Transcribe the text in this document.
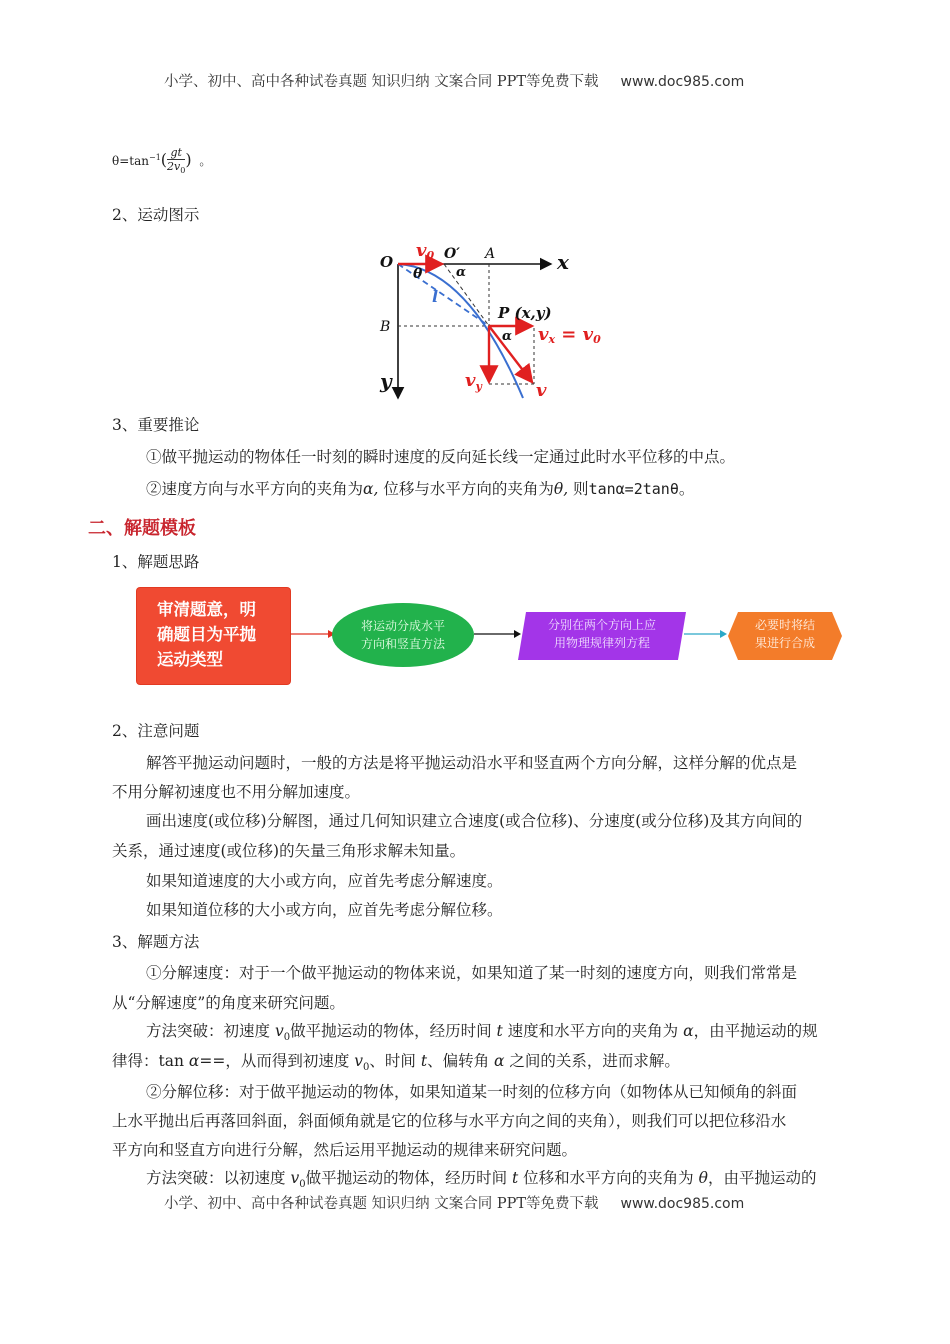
小学、初中、高中各种试卷真题 知识归纳 文案合同 PPT等免费下载 www.doc985.com
$\theta=\tan^{-1}( \frac{gt}{2v_0}$ ) 。
2、运动图示
O	O′ A
B
x
y
v0
θ	α
l
P (x,y)
α vx = v0
$v_y$	v
3、重要推论
①做平抛运动的物体任一时刻的瞬时速度的反向延长线一定通过此时水平位移的中点。
②速度方向与水平方向的夹角为α, 位移与水平方向的夹角为θ, 则tanα=2tanθ。
二、解题模板
1、解题思路
审清题意，明
确题目为平抛
运动类型
将运动分成水平
方向和竖直方法
分别在两个方向上应
用物理规律列方程
必要时将结
果进行合成
2、注意问题
解答平抛运动问题时，一般的方法是将平抛运动沿水平和竖直两个方向分解，这样分解的优点是
不用分解初速度也不用分解加速度。
画出速度(或位移)分解图，通过几何知识建立合速度(或合位移)、分速度(或分位移)及其方向间的
关系，通过速度(或位移)的矢量三角形求解未知量。
如果知道速度的大小或方向，应首先考虑分解速度。
如果知道位移的大小或方向，应首先考虑分解位移。
3、解题方法
①分解速度：对于一个做平抛运动的物体来说，如果知道了某一时刻的速度方向，则我们常常是
从“分解速度”的角度来研究问题。
方法突破：初速度 $v_0$做平抛运动的物体，经历时间 t 速度和水平方向的夹角为 α，由平抛运动的规
律得：tan α==，从而得到初速度 $v_0$、时间 t、偏转角 α 之间的关系，进而求解。
②分解位移：对于做平抛运动的物体，如果知道某一时刻的位移方向（如物体从已知倾角的斜面
上水平抛出后再落回斜面，斜面倾角就是它的位移与水平方向之间的夹角），则我们可以把位移沿水
平方向和竖直方向进行分解，然后运用平抛运动的规律来研究问题。
方法突破：以初速度 $v_0$做平抛运动的物体，经历时间 t 位移和水平方向的夹角为 θ，由平抛运动的
小学、初中、高中各种试卷真题 知识归纳 文案合同 PPT等免费下载 www.doc985.com
